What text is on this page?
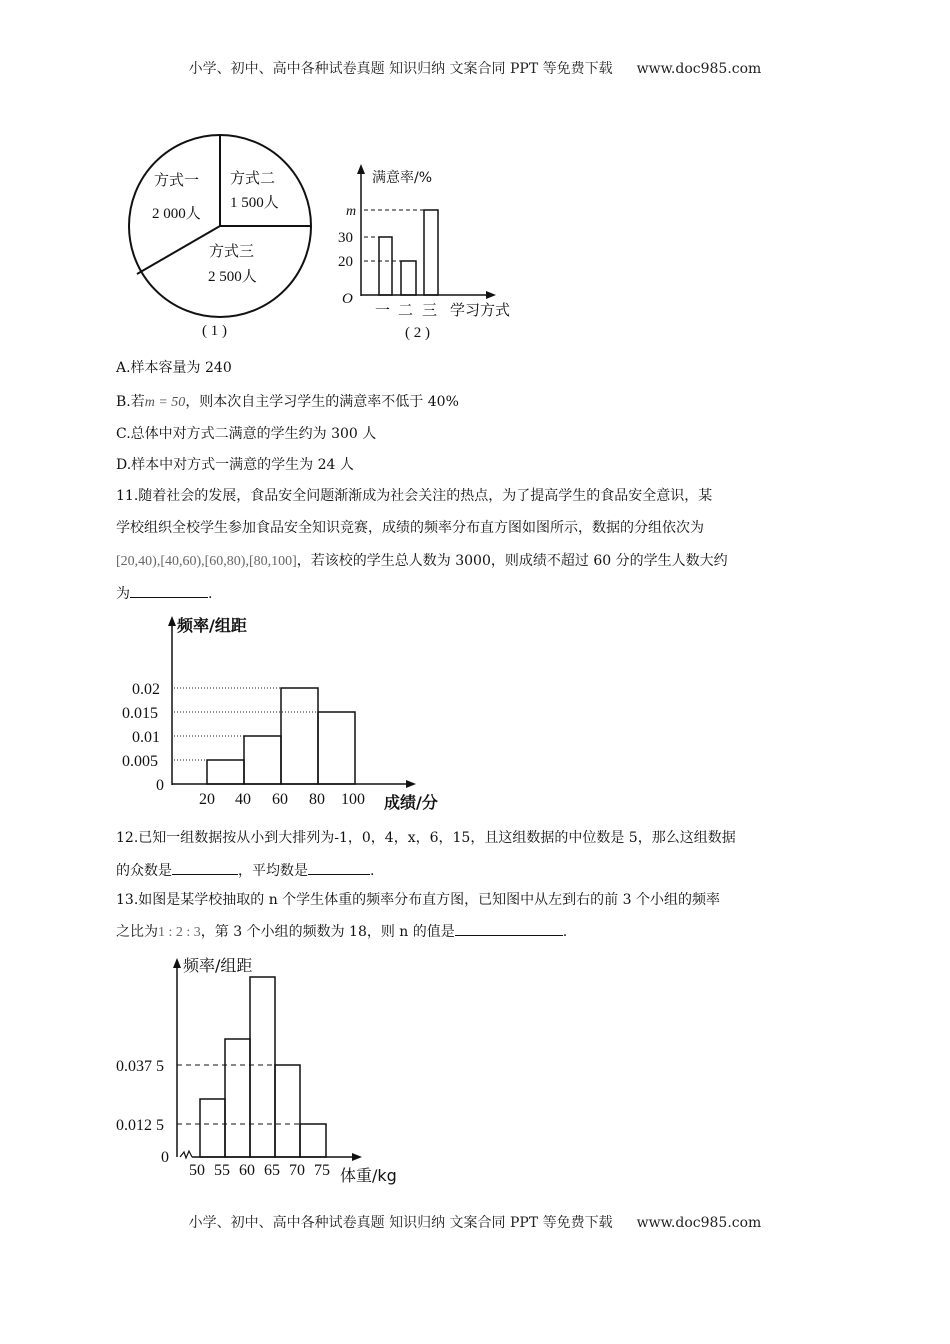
小学、初中、高中各种试卷真题 知识归纳 文案合同 PPT 等免费下载 www.doc985.com
方式一
2 000人
方式二
1 500人
方式三
2 500人
( 1 )
满意率/%
m
30
20
O
一 二 三 学习方式
( 2 )
A.样本容量为 240
B.若m = 50，则本次自主学习学生的满意率不低于 40%
C.总体中对方式二满意的学生约为 300 人
D.样本中对方式一满意的学生为 24 人
11.随着社会的发展，食品安全问题渐渐成为社会关注的热点，为了提高学生的食品安全意识，某
学校组织全校学生参加食品安全知识竞赛，成绩的频率分布直方图如图所示，数据的分组依次为
[20,40),[40,60),[60,80),[80,100]，若该校的学生总人数为 3000，则成绩不超过 60 分的学生人数大约
为	.
频率/组距
0.02
0.015
0.01
0.005
0
20 40 60 80 100 成绩/分
12.已知一组数据按从小到大排列为-1，0，4，x，6，15，且这组数据的中位数是 5，那么这组数据
的众数是	，平均数是	.
13.如图是某学校抽取的 n 个学生体重的频率分布直方图，已知图中从左到右的前 3 个小组的频率
之比为1 : 2 : 3，第 3 个小组的频数为 18，则 n 的值是	.
频率/组距
0.037 5
0.012 5
0
50 55 60 65 70 75 体重/kg
小学、初中、高中各种试卷真题 知识归纳 文案合同 PPT 等免费下载 www.doc985.com
